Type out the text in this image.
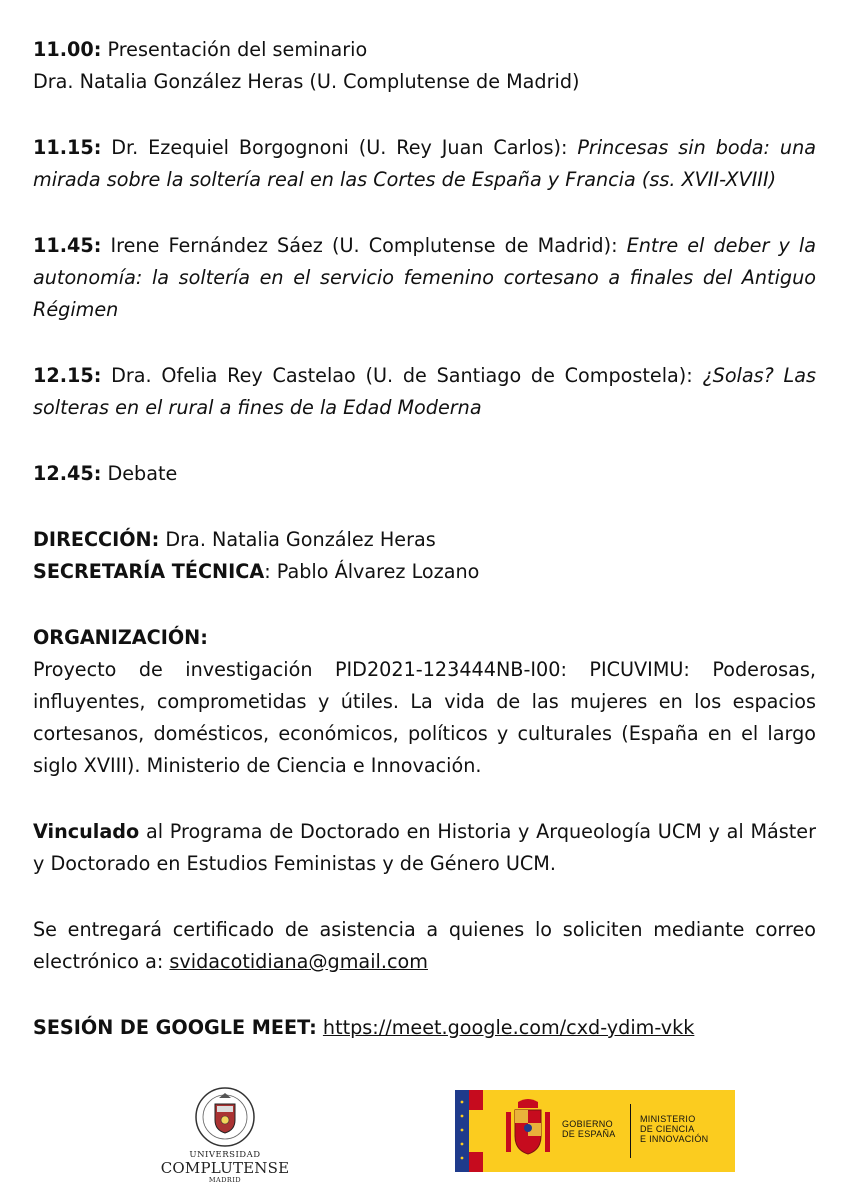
11.00: Presentación del seminario
Dra. Natalia González Heras (U. Complutense de Madrid)

11.15: Dr. Ezequiel Borgognoni (U. Rey Juan Carlos): Princesas sin boda: una mirada sobre la soltería real en las Cortes de España y Francia (ss. XVII-XVIII)

11.45: Irene Fernández Sáez (U. Complutense de Madrid): Entre el deber y la autonomía: la soltería en el servicio femenino cortesano a finales del Antiguo Régimen

12.15: Dra. Ofelia Rey Castelao (U. de Santiago de Compostela): ¿Solas? Las solteras en el rural a fines de la Edad Moderna

12.45: Debate

DIRECCIÓN: Dra. Natalia González Heras
SECRETARÍA TÉCNICA: Pablo Álvarez Lozano

ORGANIZACIÓN:
Proyecto de investigación PID2021-123444NB-I00: PICUVIMU: Poderosas, influyentes, comprometidas y útiles. La vida de las mujeres en los espacios cortesanos, domésticos, económicos, políticos y culturales (España en el largo siglo XVIII). Ministerio de Ciencia e Innovación.

Vinculado al Programa de Doctorado en Historia y Arqueología UCM y al Máster y Doctorado en Estudios Feministas y de Género UCM.

Se entregará certificado de asistencia a quienes lo soliciten mediante correo electrónico a: svidacotidiana@gmail.com

SESIÓN DE GOOGLE MEET: https://meet.google.com/cxd-ydim-vkk

UNIVERSIDAD
COMPLUTENSE
MADRID
GOBIERNO
DE ESPAÑA
MINISTERIO
DE CIENCIA
E INNOVACIÓN
